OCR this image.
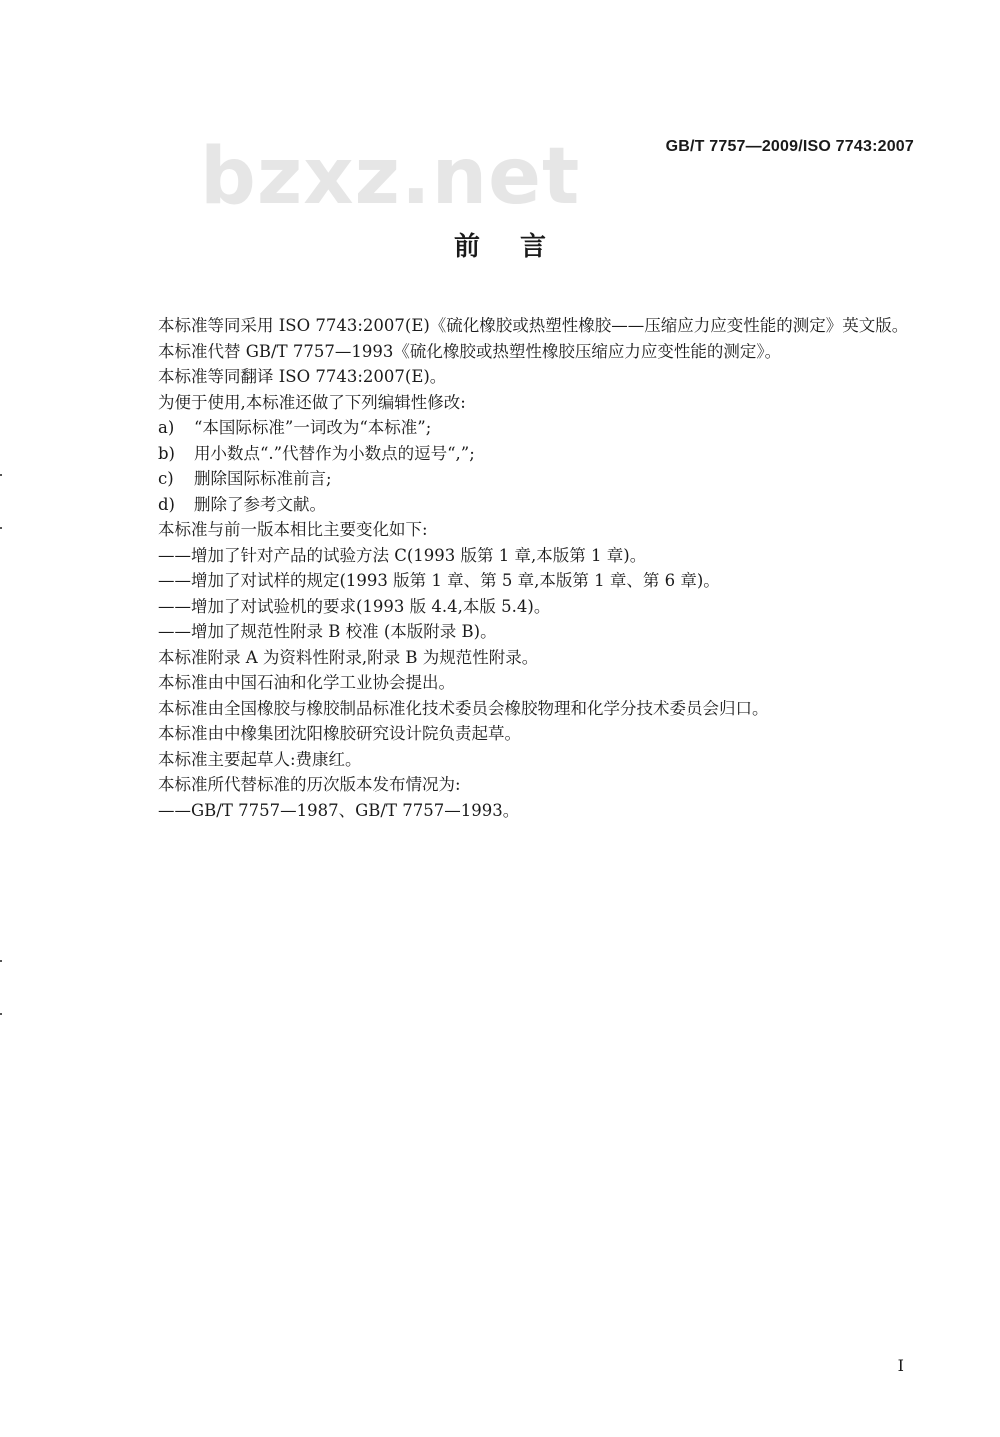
bzxz.net	GB/T 7757—2009/ISO 7743:2007
前言

本标准等同采用 ISO 7743:2007(E)《硫化橡胶或热塑性橡胶——压缩应力应变性能的测定》英文版。

本标准代替 GB/T 7757—1993《硫化橡胶或热塑性橡胶压缩应力应变性能的测定》。

本标准等同翻译 ISO 7743:2007(E)。

为便于使用,本标准还做了下列编辑性修改:

a) “本国际标准”一词改为“本标准”;

b) 用小数点“.”代替作为小数点的逗号“,”;

c) 删除国际标准前言;

d) 删除了参考文献。

本标准与前一版本相比主要变化如下:

——增加了针对产品的试验方法 C(1993 版第 1 章,本版第 1 章)。

——增加了对试样的规定(1993 版第 1 章、第 5 章,本版第 1 章、第 6 章)。

——增加了对试验机的要求(1993 版 4.4,本版 5.4)。

——增加了规范性附录 B 校准 (本版附录 B)。

本标准附录 A 为资料性附录,附录 B 为规范性附录。

本标准由中国石油和化学工业协会提出。

本标准由全国橡胶与橡胶制品标准化技术委员会橡胶物理和化学分技术委员会归口。

本标准由中橡集团沈阳橡胶研究设计院负责起草。

本标准主要起草人:费康红。

本标准所代替标准的历次版本发布情况为:

——GB/T 7757—1987、GB/T 7757—1993。

I
